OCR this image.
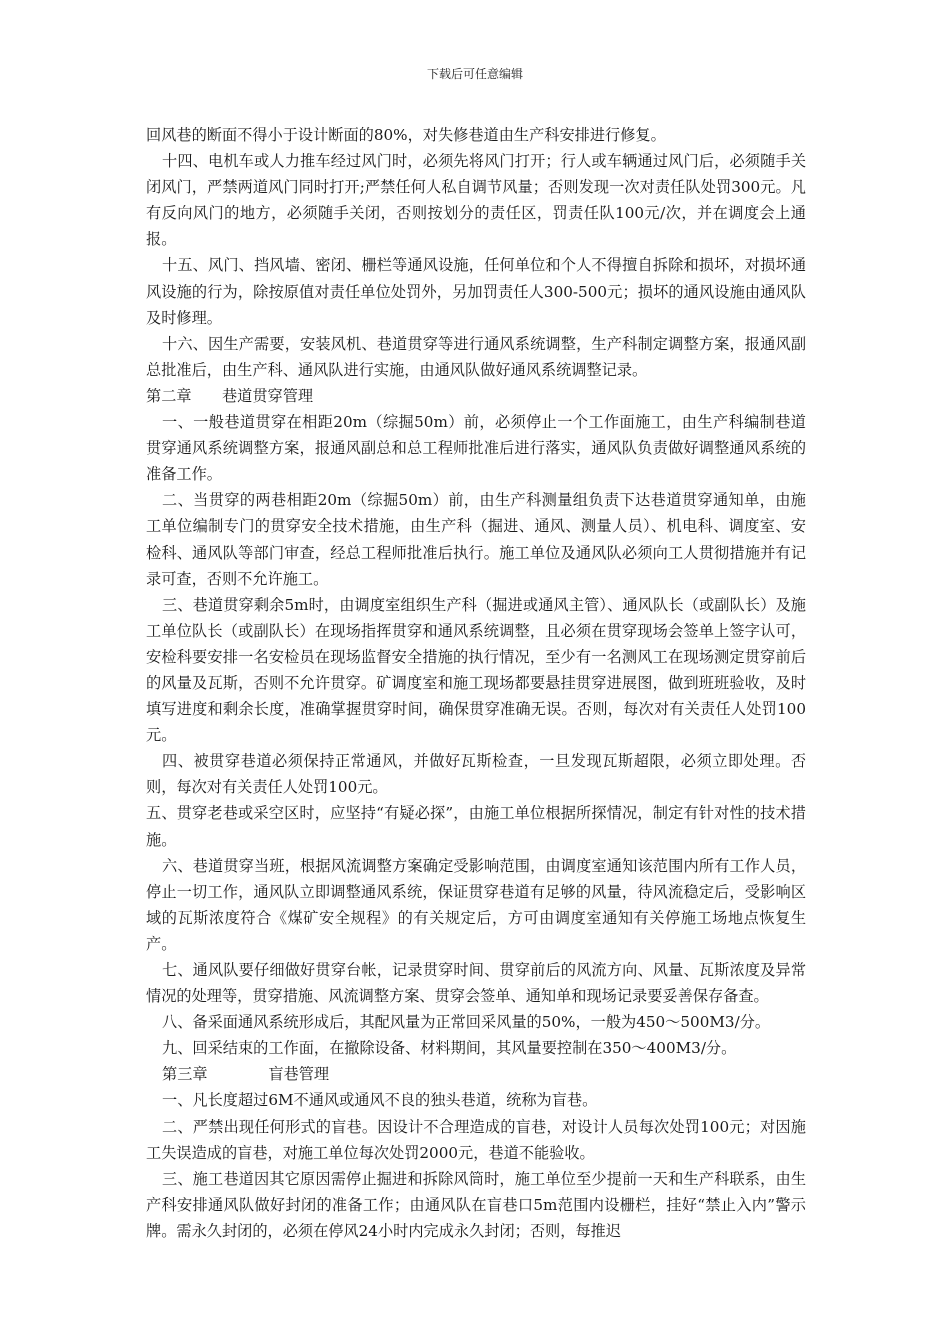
下载后可任意编辑

回风巷的断面不得小于设计断面的80%，对失修巷道由生产科安排进行修复。

十四、电机车或人力推车经过风门时，必须先将风门打开；行人或车辆通过风门后，必须随手关闭风门，严禁两道风门同时打开;严禁任何人私自调节风量；否则发现一次对责任队处罚300元。凡有反向风门的地方，必须随手关闭，否则按划分的责任区，罚责任队100元/次，并在调度会上通报。

十五、风门、挡风墙、密闭、栅栏等通风设施，任何单位和个人不得擅自拆除和损坏，对损坏通风设施的行为，除按原值对责任单位处罚外，另加罚责任人300-500元；损坏的通风设施由通风队及时修理。

十六、因生产需要，安装风机、巷道贯穿等进行通风系统调整，生产科制定调整方案，报通风副总批准后，由生产科、通风队进行实施，由通风队做好通风系统调整记录。

第二章　　巷道贯穿管理

一、一般巷道贯穿在相距20m（综掘50m）前，必须停止一个工作面施工，由生产科编制巷道贯穿通风系统调整方案，报通风副总和总工程师批准后进行落实，通风队负责做好调整通风系统的准备工作。

二、当贯穿的两巷相距20m（综掘50m）前，由生产科测量组负责下达巷道贯穿通知单，由施工单位编制专门的贯穿安全技术措施，由生产科（掘进、通风、测量人员）、机电科、调度室、安检科、通风队等部门审查，经总工程师批准后执行。施工单位及通风队必须向工人贯彻措施并有记录可查，否则不允许施工。

三、巷道贯穿剩余5m时，由调度室组织生产科（掘进或通风主管）、通风队长（或副队长）及施工单位队长（或副队长）在现场指挥贯穿和通风系统调整，且必须在贯穿现场会签单上签字认可，安检科要安排一名安检员在现场监督安全措施的执行情况，至少有一名测风工在现场测定贯穿前后的风量及瓦斯，否则不允许贯穿。矿调度室和施工现场都要悬挂贯穿进展图，做到班班验收，及时填写进度和剩余长度，准确掌握贯穿时间，确保贯穿准确无误。否则，每次对有关责任人处罚100元。

四、被贯穿巷道必须保持正常通风，并做好瓦斯检查，一旦发现瓦斯超限，必须立即处理。否则，每次对有关责任人处罚100元。

五、贯穿老巷或采空区时，应坚持“有疑必探”，由施工单位根据所探情况，制定有针对性的技术措施。

六、巷道贯穿当班，根据风流调整方案确定受影响范围，由调度室通知该范围内所有工作人员，停止一切工作，通风队立即调整通风系统，保证贯穿巷道有足够的风量，待风流稳定后，受影响区域的瓦斯浓度符合《煤矿安全规程》的有关规定后，方可由调度室通知有关停施工场地点恢复生产。

七、通风队要仔细做好贯穿台帐，记录贯穿时间、贯穿前后的风流方向、风量、瓦斯浓度及异常情况的处理等，贯穿措施、风流调整方案、贯穿会签单、通知单和现场记录要妥善保存备查。

八、备采面通风系统形成后，其配风量为正常回采风量的50%，一般为450～500M3/分。

九、回采结束的工作面，在撤除设备、材料期间，其风量要控制在350～400M3/分。

第三章　　　　盲巷管理

一、凡长度超过6M不通风或通风不良的独头巷道，统称为盲巷。

二、严禁出现任何形式的盲巷。因设计不合理造成的盲巷，对设计人员每次处罚100元；对因施工失误造成的盲巷，对施工单位每次处罚2000元，巷道不能验收。

三、施工巷道因其它原因需停止掘进和拆除风筒时，施工单位至少提前一天和生产科联系，由生产科安排通风队做好封闭的准备工作；由通风队在盲巷口5m范围内设栅栏，挂好“禁止入内”警示牌。需永久封闭的，必须在停风24小时内完成永久封闭；否则，每推迟
